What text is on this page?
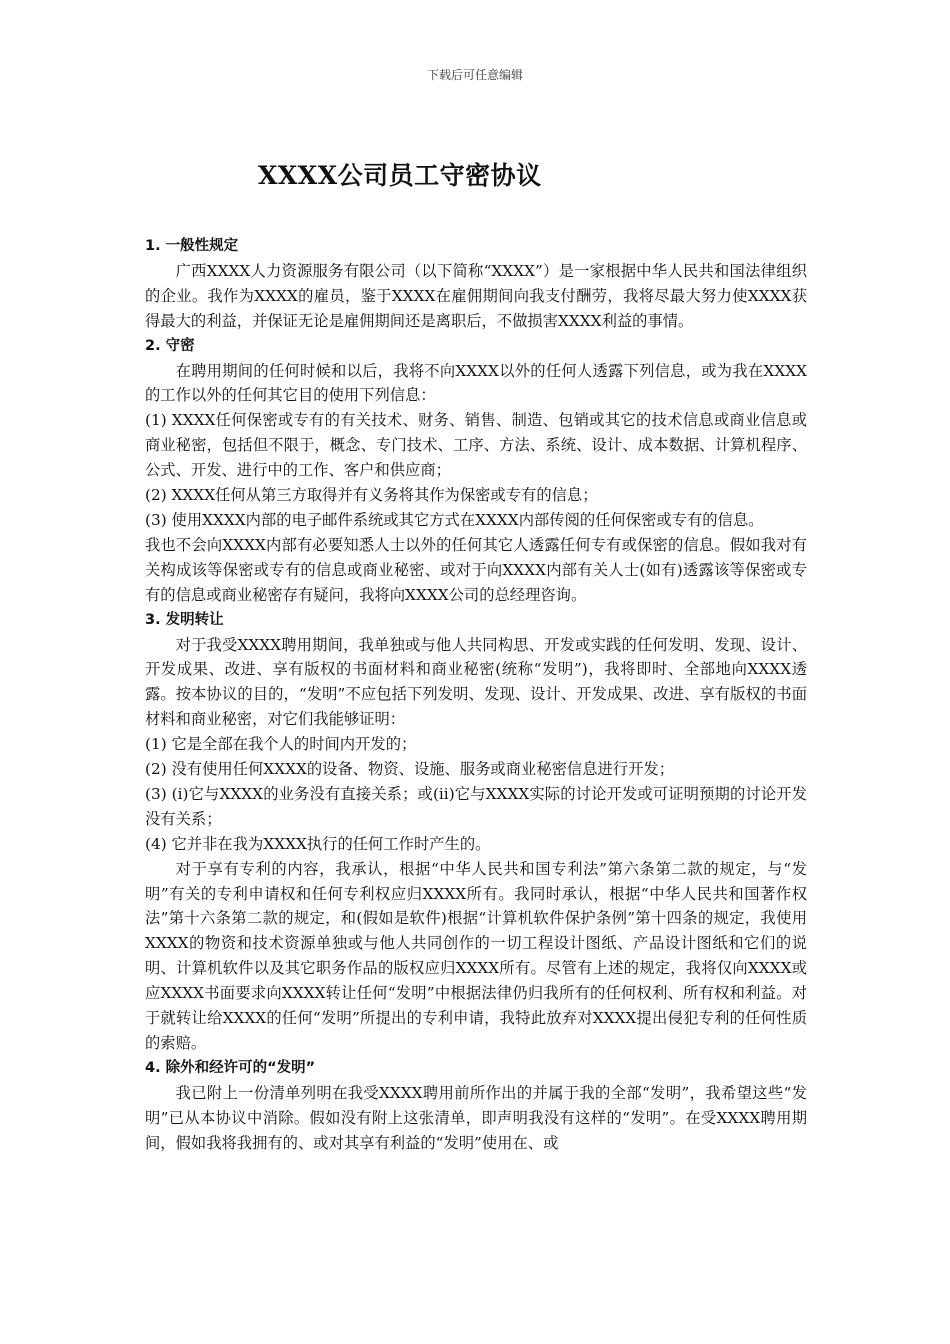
下载后可任意编辑
XXXX公司员工守密协议

1. 一般性规定

广西XXXX人力资源服务有限公司（以下简称“XXXX”）是一家根据中华人民共和国法律组织的企业。我作为XXXX的雇员，鉴于XXXX在雇佣期间向我支付酬劳，我将尽最大努力使XXXX获得最大的利益，并保证无论是雇佣期间还是离职后，不做损害XXXX利益的事情。

2. 守密

在聘用期间的任何时候和以后，我将不向XXXX以外的任何人透露下列信息，或为我在XXXX的工作以外的任何其它目的使用下列信息：

(1) XXXX任何保密或专有的有关技术、财务、销售、制造、包销或其它的技术信息或商业信息或商业秘密，包括但不限于，概念、专门技术、工序、方法、系统、设计、成本数据、计算机程序、公式、开发、进行中的工作、客户和供应商；

(2) XXXX任何从第三方取得并有义务将其作为保密或专有的信息；

(3) 使用XXXX内部的电子邮件系统或其它方式在XXXX内部传阅的任何保密或专有的信息。

我也不会向XXXX内部有必要知悉人士以外的任何其它人透露任何专有或保密的信息。假如我对有关构成该等保密或专有的信息或商业秘密、或对于向XXXX内部有关人士(如有)透露该等保密或专有的信息或商业秘密存有疑问，我将向XXXX公司的总经理咨询。

3. 发明转让

对于我受XXXX聘用期间，我单独或与他人共同构思、开发或实践的任何发明、发现、设计、开发成果、改进、享有版权的书面材料和商业秘密(统称“发明”)，我将即时、全部地向XXXX透露。按本协议的目的，“发明”不应包括下列发明、发现、设计、开发成果、改进、享有版权的书面材料和商业秘密，对它们我能够证明：

(1) 它是全部在我个人的时间内开发的；

(2) 没有使用任何XXXX的设备、物资、设施、服务或商业秘密信息进行开发；

(3) (i)它与XXXX的业务没有直接关系；或(ii)它与XXXX实际的讨论开发或可证明预期的讨论开发没有关系；

(4) 它并非在我为XXXX执行的任何工作时产生的。

对于享有专利的内容，我承认，根据“中华人民共和国专利法”第六条第二款的规定，与“发明”有关的专利申请权和任何专利权应归XXXX所有。我同时承认，根据“中华人民共和国著作权法”第十六条第二款的规定，和(假如是软件)根据“计算机软件保护条例”第十四条的规定，我使用XXXX的物资和技术资源单独或与他人共同创作的一切工程设计图纸、产品设计图纸和它们的说明、计算机软件以及其它职务作品的版权应归XXXX所有。尽管有上述的规定，我将仅向XXXX或应XXXX书面要求向XXXX转让任何“发明”中根据法律仍归我所有的任何权利、所有权和利益。对于就转让给XXXX的任何“发明”所提出的专利申请，我特此放弃对XXXX提出侵犯专利的任何性质的索赔。

4. 除外和经许可的“发明”

我已附上一份清单列明在我受XXXX聘用前所作出的并属于我的全部“发明”，我希望这些“发明”已从本协议中消除。假如没有附上这张清单，即声明我没有这样的“发明”。在受XXXX聘用期间，假如我将我拥有的、或对其享有利益的“发明”使用在、或
